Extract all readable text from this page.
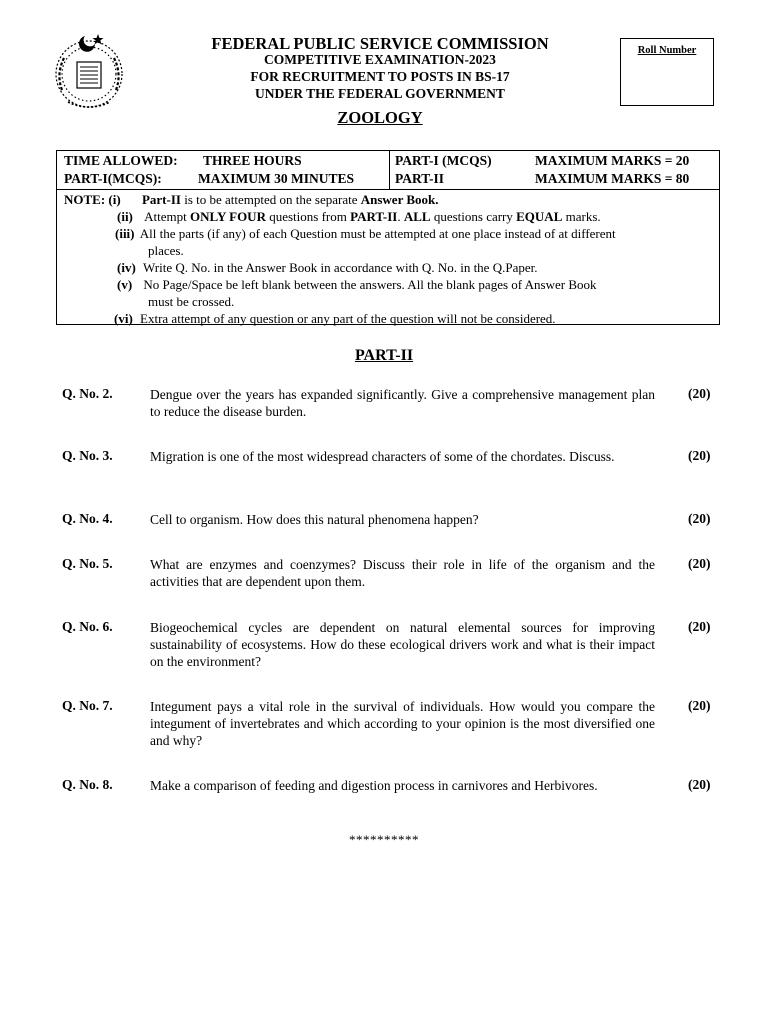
FEDERAL PUBLIC SERVICE COMMISSION
COMPETITIVE EXAMINATION-2023
FOR RECRUITMENT TO POSTS IN BS-17
UNDER THE FEDERAL GOVERNMENT
ZOOLOGY
Roll Number
TIME ALLOWED: THREE HOURS
PART-I(MCQS):	MAXIMUM 30 MINUTES
PART-I (MCQS)	MAXIMUM MARKS = 20
PART-II	MAXIMUM MARKS = 80
NOTE: (i) Part-II is to be attempted on the separate Answer Book.
(ii) Attempt ONLY FOUR questions from PART-II. ALL questions carry EQUAL marks.
(iii) All the parts (if any) of each Question must be attempted at one place instead of at different
places.
(iv) Write Q. No. in the Answer Book in accordance with Q. No. in the Q.Paper.
(v) No Page/Space be left blank between the answers. All the blank pages of Answer Book
must be crossed.
(vi) Extra attempt of any question or any part of the question will not be considered.
PART-II
Q. No. 2.	Dengue over the years has expanded significantly. Give a comprehensive management plan to reduce the disease burden.
(20)
Q. No. 3.	Migration is one of the most widespread characters of some of the chordates. Discuss.	(20)
Q. No. 4.	Cell to organism. How does this natural phenomena happen?	(20)
Q. No. 5.	What are enzymes and coenzymes? Discuss their role in life of the organism and the activities that are dependent upon them.
(20)
Q. No. 6.	Biogeochemical cycles are dependent on natural elemental sources for improving sustainability of ecosystems. How do these ecological drivers work and what is their impact on the environment?
(20)
Q. No. 7.	Integument pays a vital role in the survival of individuals. How would you compare the integument of invertebrates and which according to your opinion is the most diversified one and why?
(20)
Q. No. 8.	Make a comparison of feeding and digestion process in carnivores and Herbivores.	(20)
**********
